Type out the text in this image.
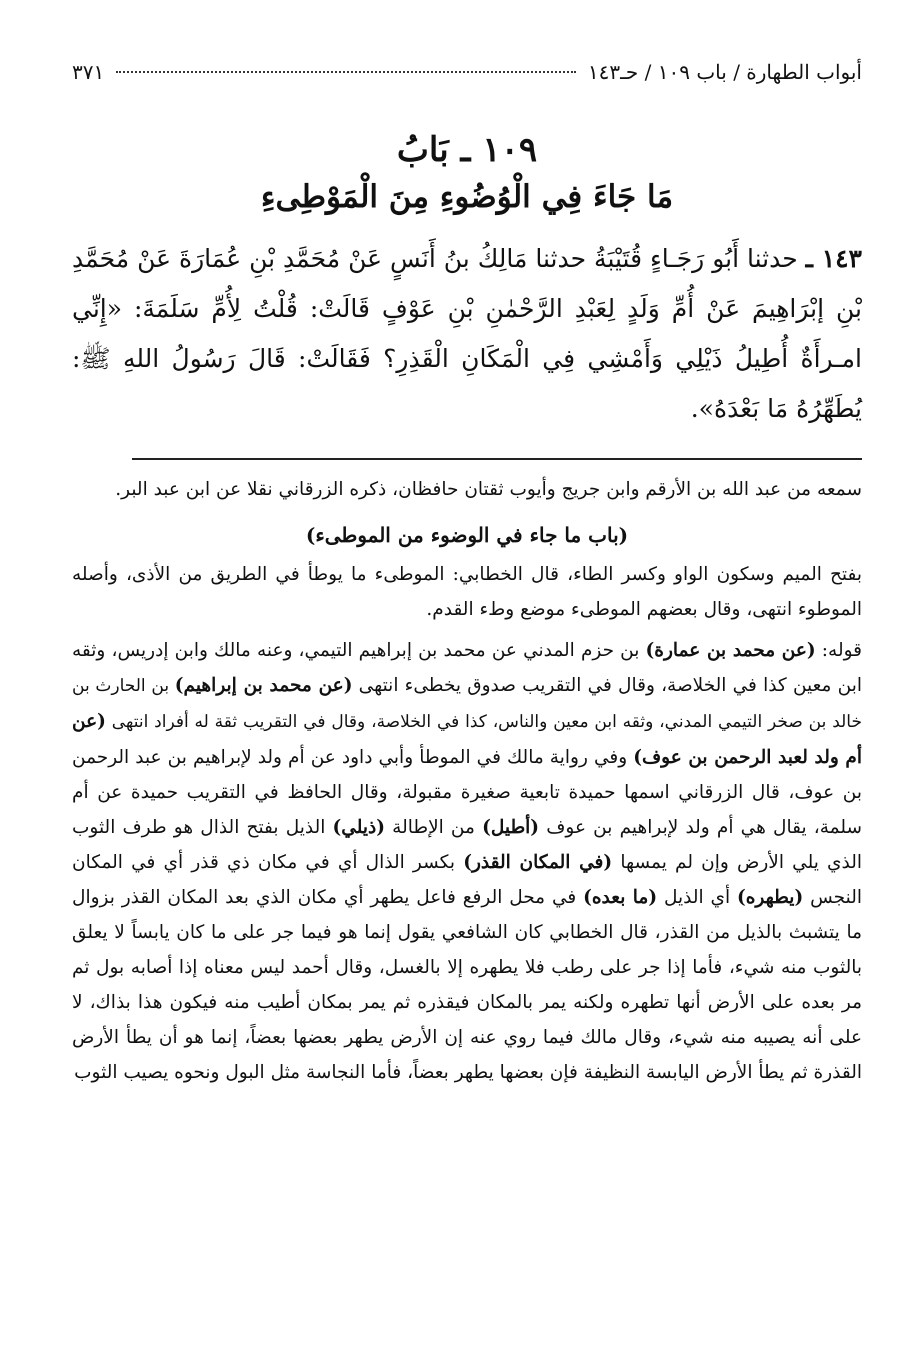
أبواب الطهارة / باب ١٠٩ / حـ١٤٣
٣٧١
١٠٩ ـ بَابُ
مَا جَاءَ فِي الْوُضُوءِ مِنَ الْمَوْطِىءِ
١٤٣ ـ حدثنا أَبُو رَجَـاءٍ قُتَيْبَةُ حدثنا مَالِكُ بنُ أَنَسٍ عَنْ مُحَمَّدِ بْنِ عُمَارَةَ عَنْ مُحَمَّدِ بْنِ إبْرَاهِيمَ عَنْ أُمِّ وَلَدٍ لِعَبْدِ الرَّحْمٰنِ بْنِ عَوْفٍ قَالَتْ: قُلْتُ لِأُمِّ سَلَمَةَ: «إِنِّي امـرأَةٌ أُطِيلُ ذَيْلِي وَأَمْشِي فِي الْمَكَانِ الْقَذِرِ؟ فَقَالَتْ: قَالَ رَسُولُ اللهِ ﷺ: يُطَهِّرُهُ مَا بَعْدَهُ».

سمعه من عبد الله بن الأرقم وابن جريج وأيوب ثقتان حافظان، ذكره الزرقاني نقلا عن ابن عبد البر.

(باب ما جاء في الوضوء من الموطىء)

بفتح الميم وسكون الواو وكسر الطاء، قال الخطابي: الموطىء ما يوطأ في الطريق من الأذى، وأصله الموطوء انتهى، وقال بعضهم الموطىء موضع وطء القدم.

قوله: (عن محمد بن عمارة) بن حزم المدني عن محمد بن إبراهيم التيمي، وعنه مالك وابن إدريس، وثقه ابن معين كذا في الخلاصة، وقال في التقريب صدوق يخطىء انتهى (عن محمد بن إبراهيم) بن الحارث بن خالد بن صخر التيمي المدني، وثقه ابن معين والناس، كذا في الخلاصة، وقال في التقريب ثقة له أفراد انتهى (عن أم ولد لعبد الرحمن بن عوف) وفي رواية مالك في الموطأ وأبي داود عن أم ولد لإبراهيم بن عبد الرحمن بن عوف، قال الزرقاني اسمها حميدة تابعية صغيرة مقبولة، وقال الحافظ في التقريب حميدة عن أم سلمة، يقال هي أم ولد لإبراهيم بن عوف (أطيل) من الإطالة (ذيلي) الذيل بفتح الذال هو طرف الثوب الذي يلي الأرض وإن لم يمسها (في المكان القذر) بكسر الذال أي في مكان ذي قذر أي في المكان النجس (يطهره) أي الذيل (ما بعده) في محل الرفع فاعل يطهر أي مكان الذي بعد المكان القذر بزوال ما يتشبث بالذيل من القذر، قال الخطابي كان الشافعي يقول إنما هو فيما جر على ما كان يابساً لا يعلق بالثوب منه شيء، فأما إذا جر على رطب فلا يطهره إلا بالغسل، وقال أحمد ليس معناه إذا أصابه بول ثم مر بعده على الأرض أنها تطهره ولكنه يمر بالمكان فيقذره ثم يمر بمكان أطيب منه فيكون هذا بذاك، لا على أنه يصيبه منه شيء، وقال مالك فيما روي عنه إن الأرض يطهر بعضها بعضاً، إنما هو أن يطأ الأرض القذرة ثم يطأ الأرض اليابسة النظيفة فإن بعضها يطهر بعضاً، فأما النجاسة مثل البول ونحوه يصيب الثوب
